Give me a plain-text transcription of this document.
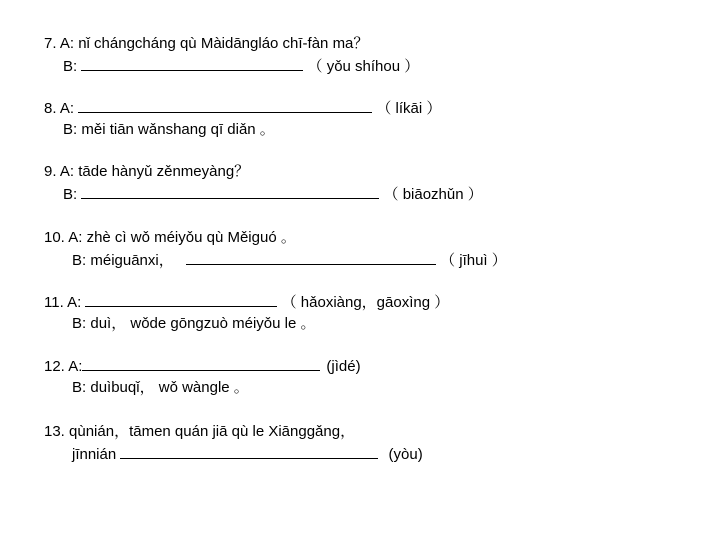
7. A: nǐ chángcháng qù Màidāngláo chī-fàn ma？
B:	（ yǒu shíhou ）
8. A:	（ líkāi ）
B: měi tiān wǎnshang qī diǎn 。
9. A: tāde hànyǔ zěnmeyàng？
B:	（ biāozhǔn ）
10. A: zhè cì wǒ méiyǒu qù Měiguó 。
B: méiguānxi，	（ jīhuì ）
11. A:	（ hǎoxiàng，gāoxìng ）
B: duì， wǒde gōngzuò méiyǒu le 。
12. A:	(jìdé)
B: duìbuqǐ， wǒ wàngle 。
13. qùnián，tāmen quán jiā qù le Xiānggǎng，
jīnnián	(yòu)
